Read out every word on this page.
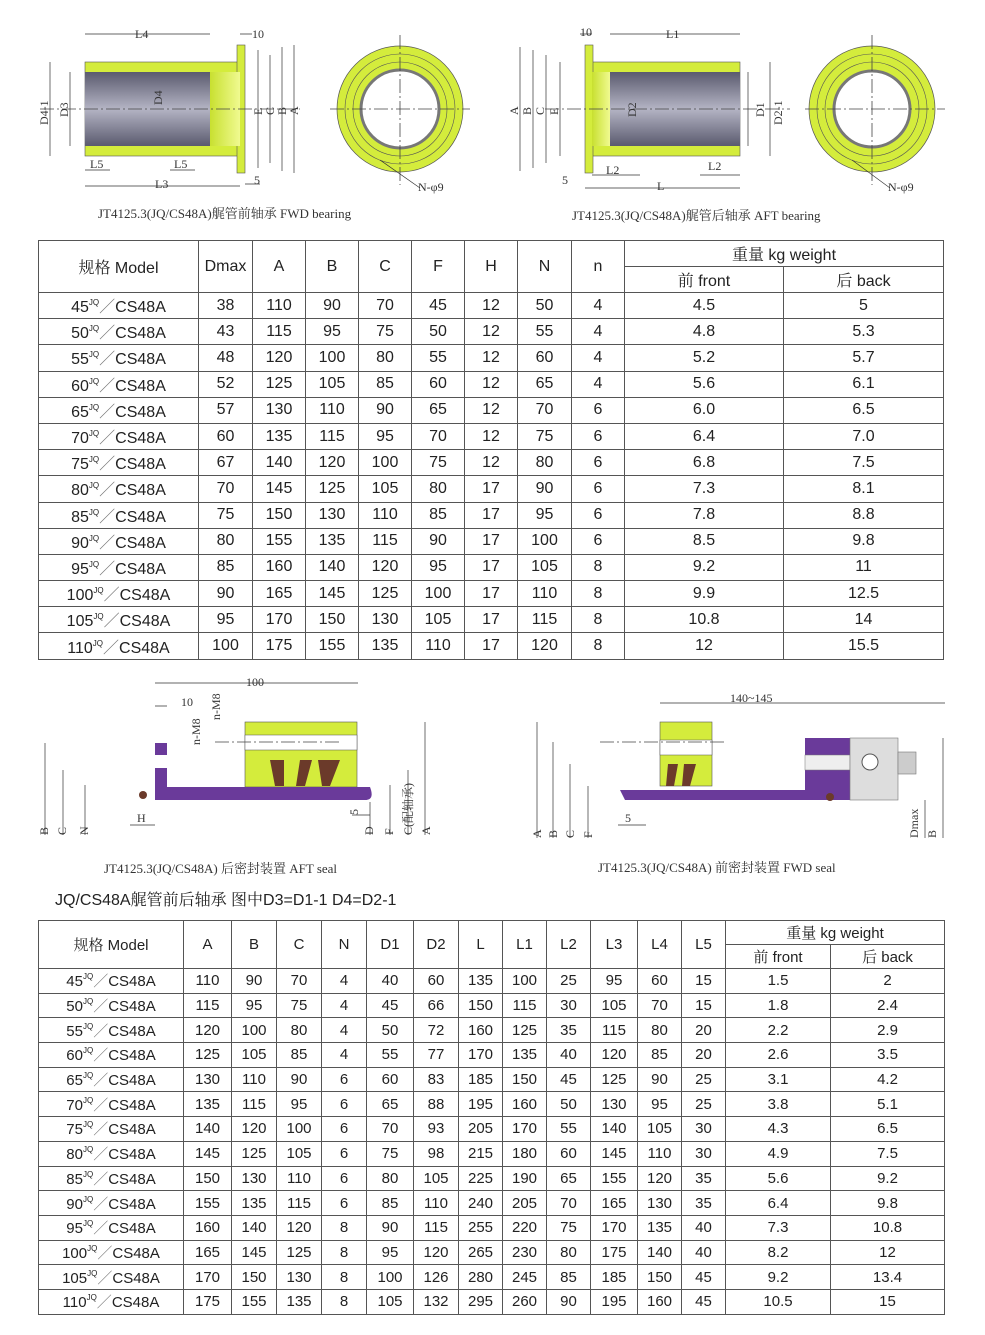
L4	10
D4-1 D3
D4
E
C
B
A
L5	L5
L3	5	N-φ9
JT4125.3(JQ/CS48A)艉管前轴承 FWD bearing
10	L1
A B C E	D2	D1 D2-1
5
L2	L2
L	N-φ9
JT4125.3(JQ/CS48A)艉管后轴承 AFT bearing
100
10
n-M8
n-M8
B C N
H	5
D F C(配轴承) A
JT4125.3(JQ/CS48A) 后密封装置 AFT seal
140~145
A B C F
5	Dmax B
JT4125.3(JQ/CS48A) 前密封装置 FWD seal
规格 Model	Dmax	A	B	C	F	H	N	n	重量 kg weight	
									前 front	后 back
$45^{JQ}/CS48A$	38	110	90	70	45	12	50	4	4.5	5
$50^{JQ}/CS48A$	43	115	95	75	50	12	55	4	4.8	5.3
$55^{JQ}/CS48A$	48	120	100	80	55	12	60	4	5.2	5.7
$60^{JQ}/CS48A$	52	125	105	85	60	12	65	4	5.6	6.1
$65^{JQ}/CS48A$	57	130	110	90	65	12	70	6	6.0	6.5
$70^{JQ}/CS48A$	60	135	115	95	70	12	75	6	6.4	7.0
$75^{JQ}/CS48A$	67	140	120	100	75	12	80	6	6.8	7.5
$80^{JQ}/CS48A$	70	145	125	105	80	17	90	6	7.3	8.1
$85^{JQ}/CS48A$	75	150	130	110	85	17	95	6	7.8	8.8
$90^{JQ}/CS48A$	80	155	135	115	90	17	100	6	8.5	9.8
$95^{JQ}/CS48A$	85	160	140	120	95	17	105	8	9.2	11
$100^{JQ}/CS48A$	90	165	145	125	100	17	110	8	9.9	12.5
$105^{JQ}/CS48A$	95	170	150	130	105	17	115	8	10.8	14
$110^{JQ}/CS48A$	100	175	155	135	110	17	120	8	12	15.5
JQ/CS48A艉管前后轴承 图中D3=D1-1 D4=D2-1
规格 Model	A	B	C	N	D1	D2	L	L1	L2	L3	L4	L5	重量 kg weight	
													前 front	后 back
$45^{JQ}/CS48A$	110	90	70	4	40	60	135	100	25	95	60	15	1.5	2
$50^{JQ}/CS48A$	115	95	75	4	45	66	150	115	30	105	70	15	1.8	2.4
$55^{JQ}/CS48A$	120	100	80	4	50	72	160	125	35	115	80	20	2.2	2.9
$60^{JQ}/CS48A$	125	105	85	4	55	77	170	135	40	120	85	20	2.6	3.5
$65^{JQ}/CS48A$	130	110	90	6	60	83	185	150	45	125	90	25	3.1	4.2
$70^{JQ}/CS48A$	135	115	95	6	65	88	195	160	50	130	95	25	3.8	5.1
$75^{JQ}/CS48A$	140	120	100	6	70	93	205	170	55	140	105	30	4.3	6.5
$80^{JQ}/CS48A$	145	125	105	6	75	98	215	180	60	145	110	30	4.9	7.5
$85^{JQ}/CS48A$	150	130	110	6	80	105	225	190	65	155	120	35	5.6	9.2
$90^{JQ}/CS48A$	155	135	115	6	85	110	240	205	70	165	130	35	6.4	9.8
$95^{JQ}/CS48A$	160	140	120	8	90	115	255	220	75	170	135	40	7.3	10.8
$100^{JQ}/CS48A$	165	145	125	8	95	120	265	230	80	175	140	40	8.2	12
$105^{JQ}/CS48A$	170	150	130	8	100	126	280	245	85	185	150	45	9.2	13.4
$110^{JQ}/CS48A$	175	155	135	8	105	132	295	260	90	195	160	45	10.5	15
